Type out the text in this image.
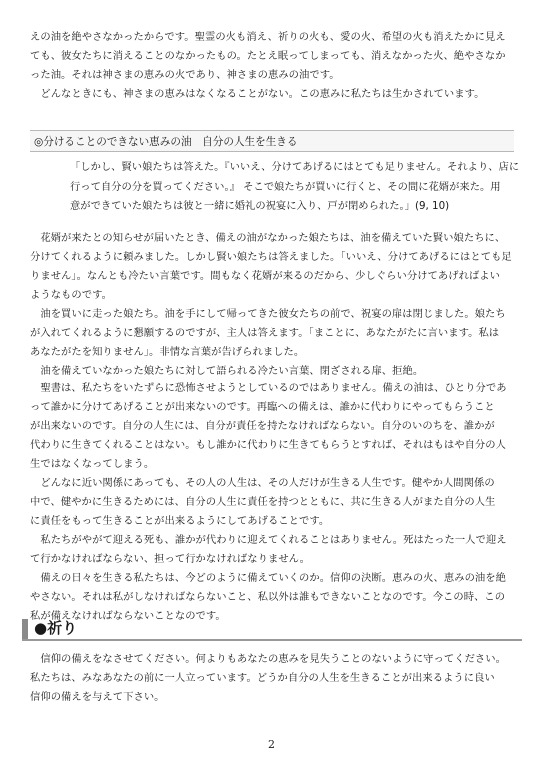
えの油を絶やさなかったからです。聖霊の火も消え、祈りの火も、愛の火、希望の火も消えたかに見え
ても、彼女たちに消えることのなかったもの。たとえ眠ってしまっても、消えなかった火、絶やさなか
った油。それは神さまの恵みの火であり、神さまの恵みの油です。
　どんなときにも、神さまの恵みはなくなることがない。この恵みに私たちは生かされています。

◎分けることのできない恵みの油　自分の人生を生きる

「しかし、賢い娘たちは答えた。『いいえ、分けてあげるにはとても足りません。それより、店に
行って自分の分を買ってください。』 そこで娘たちが買いに行くと、その間に花婿が来た。用
意ができていた娘たちは彼と一緒に婚礼の祝宴に入り、戸が閉められた。」(9, 10)

　花婿が来たとの知らせが届いたとき、備えの油がなかった娘たちは、油を備えていた賢い娘たちに、
分けてくれるように頼みました。しかし賢い娘たちは答えました。「いいえ、分けてあげるにはとても足
りません」。なんとも冷たい言葉です。間もなく花婿が来るのだから、少しぐらい分けてあげればよい
ようなものです。
　油を買いに走った娘たち。油を手にして帰ってきた彼女たちの前で、祝宴の扉は閉じました。娘たち
が入れてくれるように懇願するのですが、主人は答えます。「まことに、あなたがたに言います。私は
あなたがたを知りません」。非情な言葉が告げられました。
　油を備えていなかった娘たちに対して語られる冷たい言葉、閉ざされる扉、拒絶。

　聖書は、私たちをいたずらに恐怖させようとしているのではありません。備えの油は、ひとり分であ
って誰かに分けてあげることが出来ないのです。再臨への備えは、誰かに代わりにやってもらうこと
が出来ないのです。自分の人生には、自分が責任を持たなければならない。自分のいのちを、誰かが
代わりに生きてくれることはない。もし誰かに代わりに生きてもらうとすれば、それはもはや自分の人
生ではなくなってしまう。
　どんなに近い関係にあっても、その人の人生は、その人だけが生きる人生です。健やか人間関係の
中で、健やかに生きるためには、自分の人生に責任を持つとともに、共に生きる人がまた自分の人生
に責任をもって生きることが出来るようにしてあげることです。
　私たちがやがて迎える死も、誰かが代わりに迎えてくれることはありません。死はたった一人で迎え
て行かなければならない、担って行かなければなりません。
　備えの日々を生きる私たちは、今どのように備えていくのか。信仰の決断。恵みの火、恵みの油を絶
やさない。それは私がしなければならないこと、私以外は誰もできないことなのです。今この時、この
私が備えなければならないことなのです。

●祈り

　信仰の備えをなさせてください。何よりもあなたの恵みを見失うことのないように守ってください。
私たちは、みなあなたの前に一人立っています。どうか自分の人生を生きることが出来るように良い
信仰の備えを与えて下さい。

2
